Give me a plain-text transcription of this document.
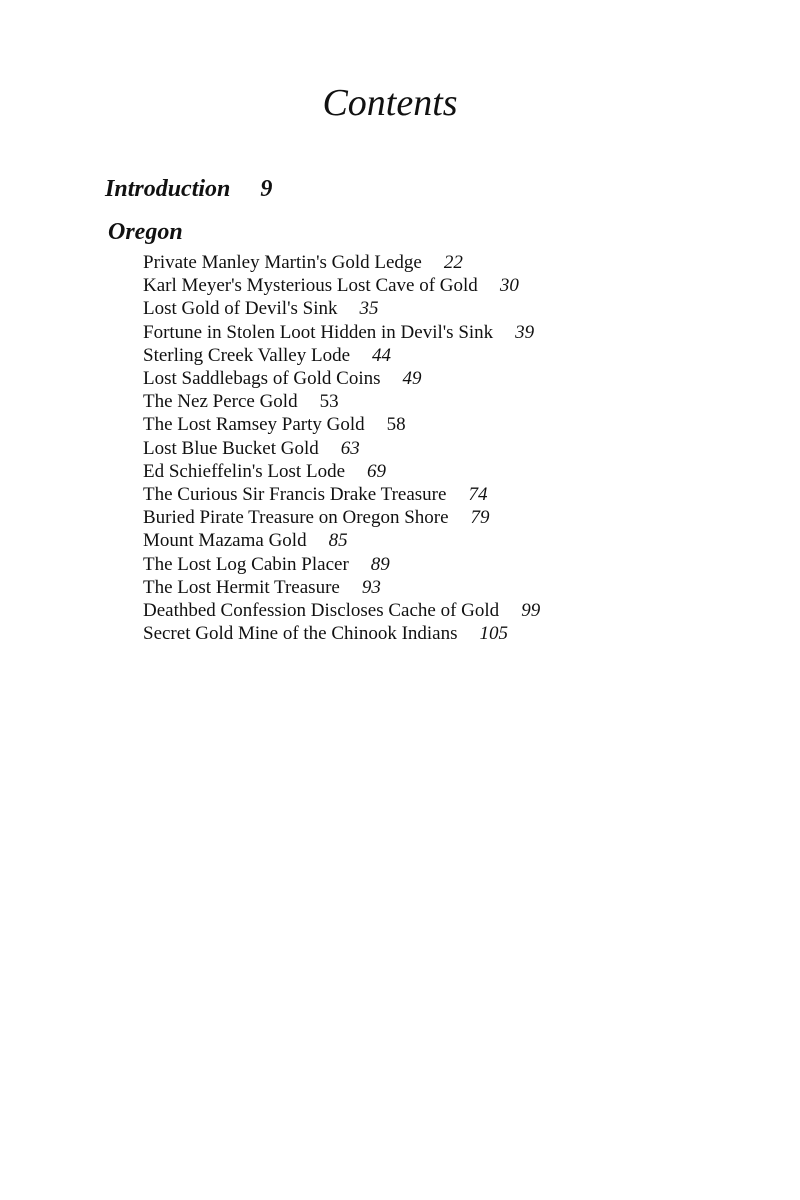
Contents
Introduction 9
Oregon
Private Manley Martin's Gold Ledge 22
Karl Meyer's Mysterious Lost Cave of Gold 30
Lost Gold of Devil's Sink 35
Fortune in Stolen Loot Hidden in Devil's Sink 39
Sterling Creek Valley Lode 44
Lost Saddlebags of Gold Coins 49
The Nez Perce Gold 53
The Lost Ramsey Party Gold 58
Lost Blue Bucket Gold 63
Ed Schieffelin's Lost Lode 69
The Curious Sir Francis Drake Treasure 74
Buried Pirate Treasure on Oregon Shore 79
Mount Mazama Gold 85
The Lost Log Cabin Placer 89
The Lost Hermit Treasure 93
Deathbed Confession Discloses Cache of Gold 99
Secret Gold Mine of the Chinook Indians 105
